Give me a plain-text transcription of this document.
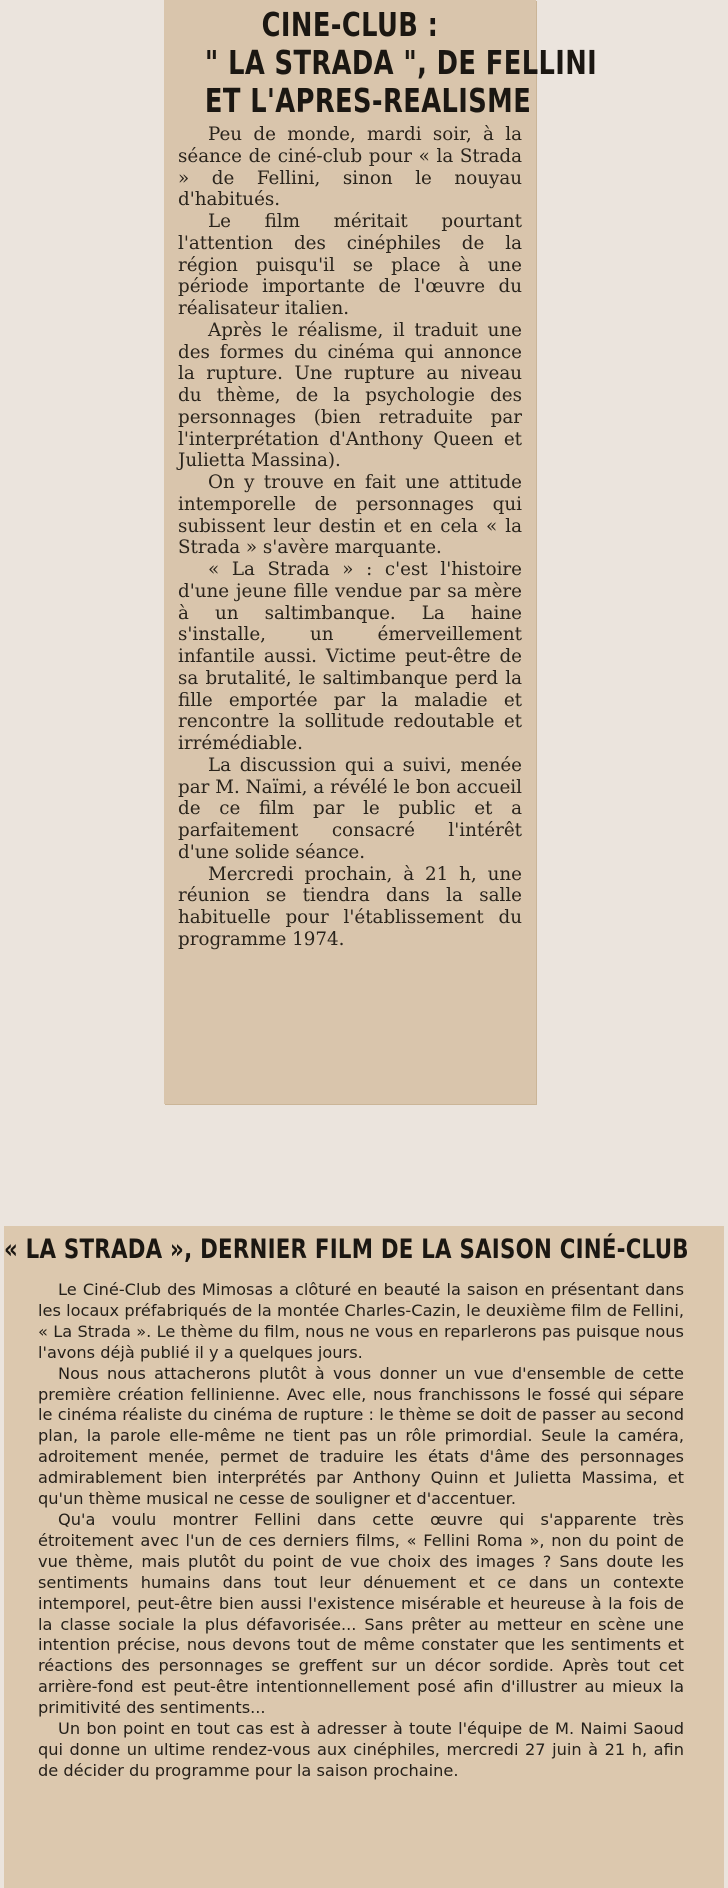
CINE-CLUB :
" LA STRADA ", DE FELLINI
ET L'APRES-REALISME

Peu de monde, mardi soir, à la séance de ciné-club pour « la Strada » de Fellini, sinon le nouyau d'habitués.

Le film méritait pourtant l'attention des cinéphiles de la région puisqu'il se place à une période importante de l'œuvre du réalisateur italien.

Après le réalisme, il traduit une des formes du cinéma qui annonce la rupture. Une rupture au niveau du thème, de la psychologie des personnages (bien retraduite par l'interprétation d'Anthony Queen et Julietta Massina).

On y trouve en fait une attitude intemporelle de personnages qui subissent leur destin et en cela « la Strada » s'avère marquante.

« La Strada » : c'est l'histoire d'une jeune fille vendue par sa mère à un saltimbanque. La haine s'installe, un émerveillement infantile aussi. Victime peut-être de sa brutalité, le saltimbanque perd la fille emportée par la maladie et rencontre la sollitude redoutable et irrémédiable.

La discussion qui a suivi, menée par M. Naïmi, a révélé le bon accueil de ce film par le public et a parfaitement consacré l'intérêt d'une solide séance.

Mercredi prochain, à 21 h, une réunion se tiendra dans la salle habituelle pour l'établissement du programme 1974.

« LA STRADA », DERNIER FILM DE LA SAISON CINÉ-CLUB

Le Ciné-Club des Mimosas a clôturé en beauté la saison en présentant dans les locaux préfabriqués de la montée Charles-Cazin, le deuxième film de Fellini, « La Strada ». Le thème du film, nous ne vous en reparlerons pas puisque nous l'avons déjà publié il y a quelques jours.

Nous nous attacherons plutôt à vous donner un vue d'ensemble de cette première création fellinienne. Avec elle, nous franchissons le fossé qui sépare le cinéma réaliste du cinéma de rupture : le thème se doit de passer au second plan, la parole elle-même ne tient pas un rôle primordial. Seule la caméra, adroitement menée, permet de traduire les états d'âme des personnages admirablement bien interprétés par Anthony Quinn et Julietta Massima, et qu'un thème musical ne cesse de souligner et d'accentuer.

Qu'a voulu montrer Fellini dans cette œuvre qui s'apparente très étroitement avec l'un de ces derniers films, « Fellini Roma », non du point de vue thème, mais plutôt du point de vue choix des images ? Sans doute les sentiments humains dans tout leur dénuement et ce dans un contexte intemporel, peut-être bien aussi l'existence misérable et heureuse à la fois de la classe sociale la plus défavorisée... Sans prêter au metteur en scène une intention précise, nous devons tout de même constater que les sentiments et réactions des personnages se greffent sur un décor sordide. Après tout cet arrière-fond est peut-être intentionnellement posé afin d'illustrer au mieux la primitivité des sentiments...

Un bon point en tout cas est à adresser à toute l'équipe de M. Naimi Saoud qui donne un ultime rendez-vous aux cinéphiles, mercredi 27 juin à 21 h, afin de décider du programme pour la saison prochaine.
